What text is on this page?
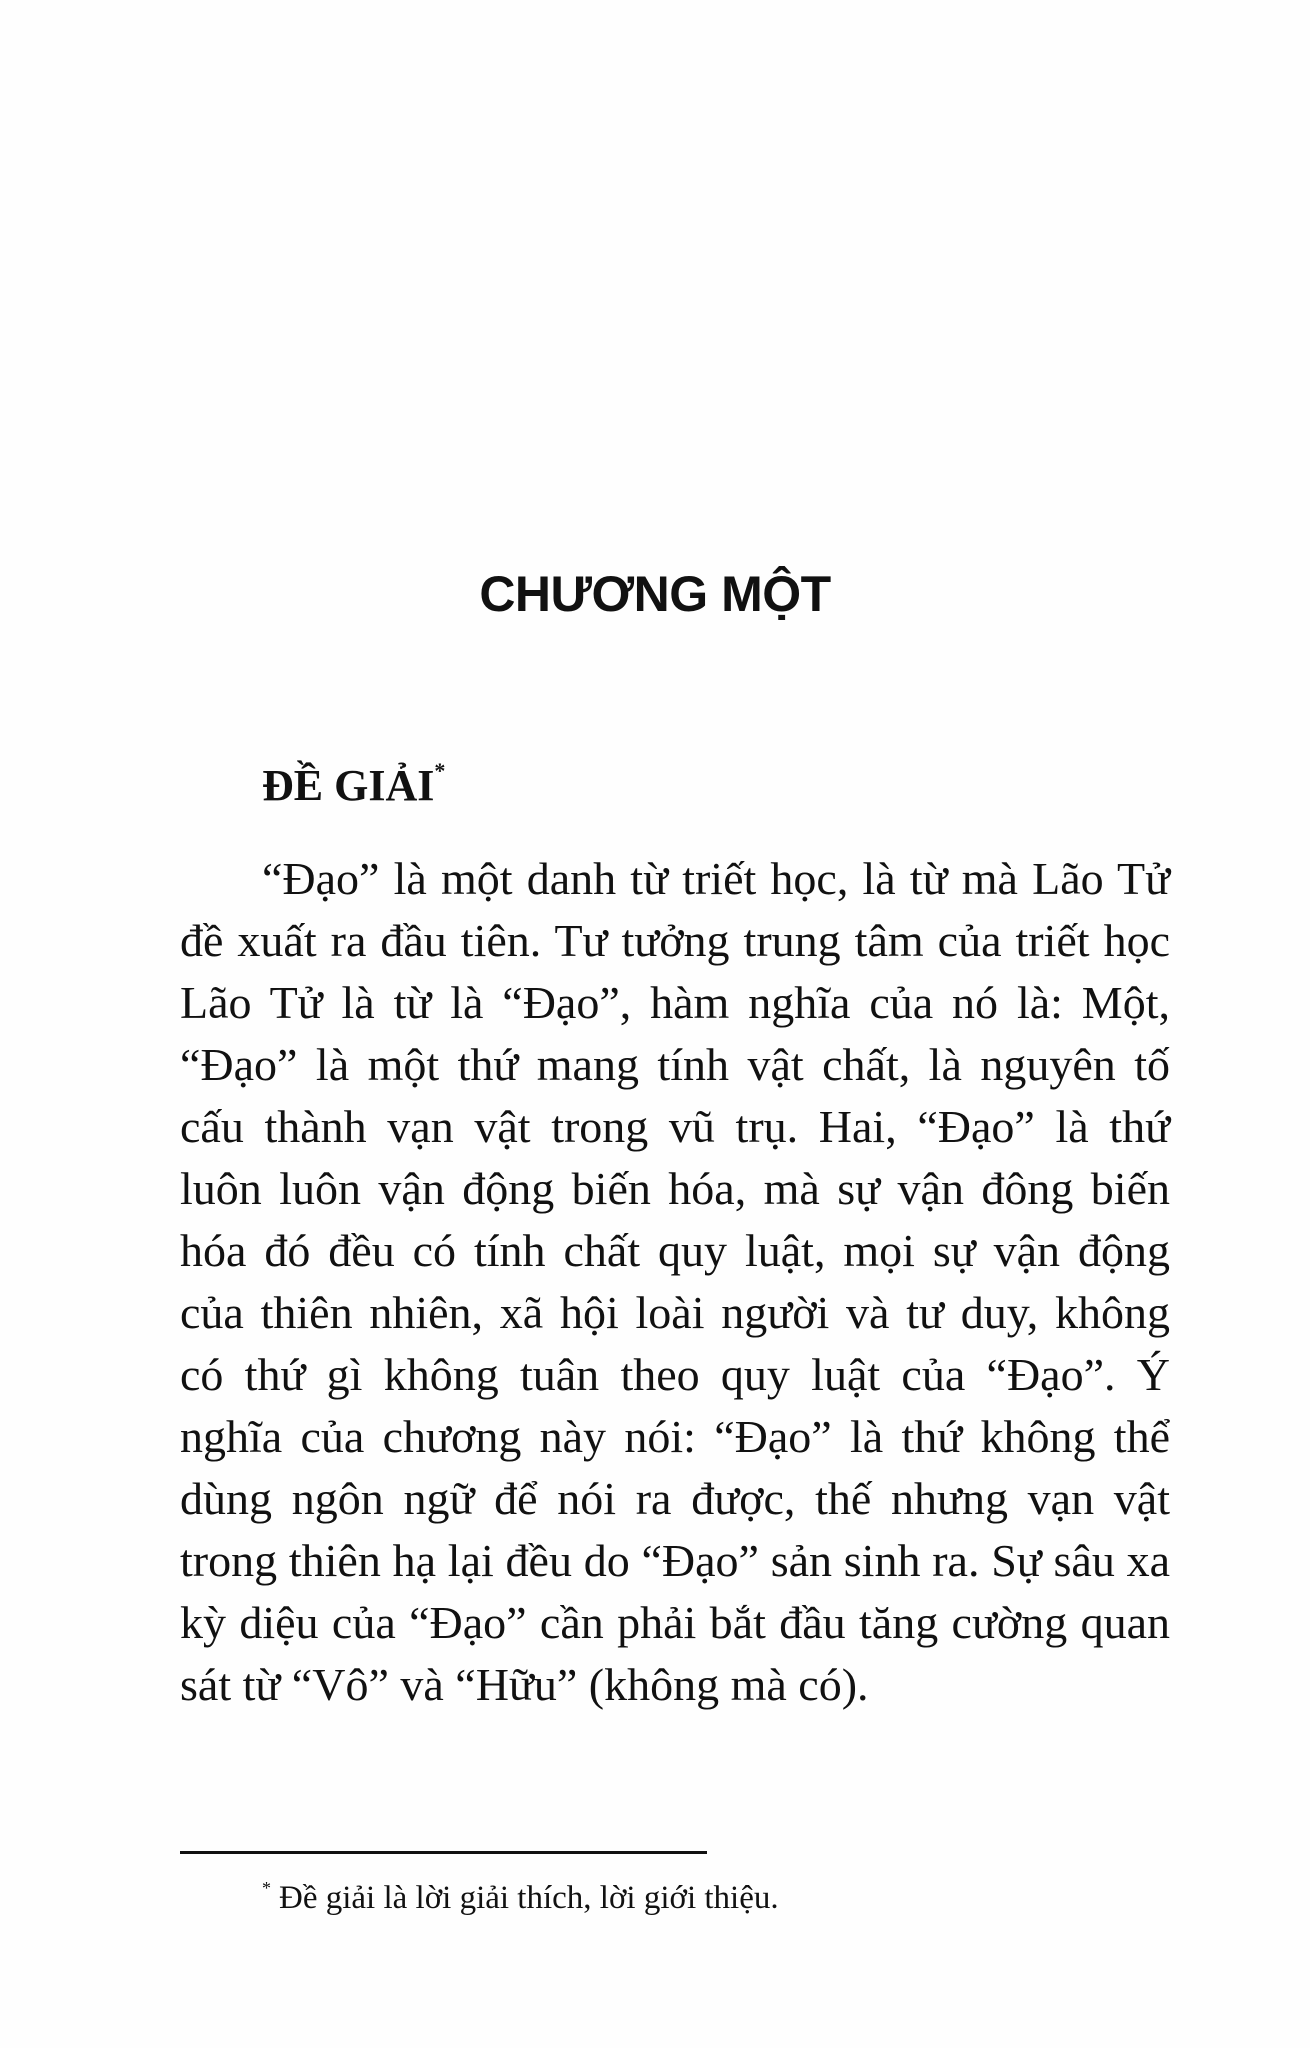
CHƯƠNG MỘT
ĐỀ GIẢI*

“Đạo” là một danh từ triết học, là từ mà Lão Tử đề xuất ra đầu tiên. Tư tưởng trung tâm của triết học Lão Tử là từ là “Đạo”, hàm nghĩa của nó là: Một, “Đạo” là một thứ mang tính vật chất, là nguyên tố cấu thành vạn vật trong vũ trụ. Hai, “Đạo” là thứ luôn luôn vận động biến hóa, mà sự vận đông biến hóa đó đều có tính chất quy luật, mọi sự vận động của thiên nhiên, xã hội loài người và tư duy, không có thứ gì không tuân theo quy luật của “Đạo”. Ý nghĩa của chương này nói: “Đạo” là thứ không thể dùng ngôn ngữ để nói ra được, thế nhưng vạn vật trong thiên hạ lại đều do “Đạo” sản sinh ra. Sự sâu xa kỳ diệu của “Đạo” cần phải bắt đầu tăng cường quan sát từ “Vô” và “Hữu” (không mà có).

* Đề giải là lời giải thích, lời giới thiệu.
